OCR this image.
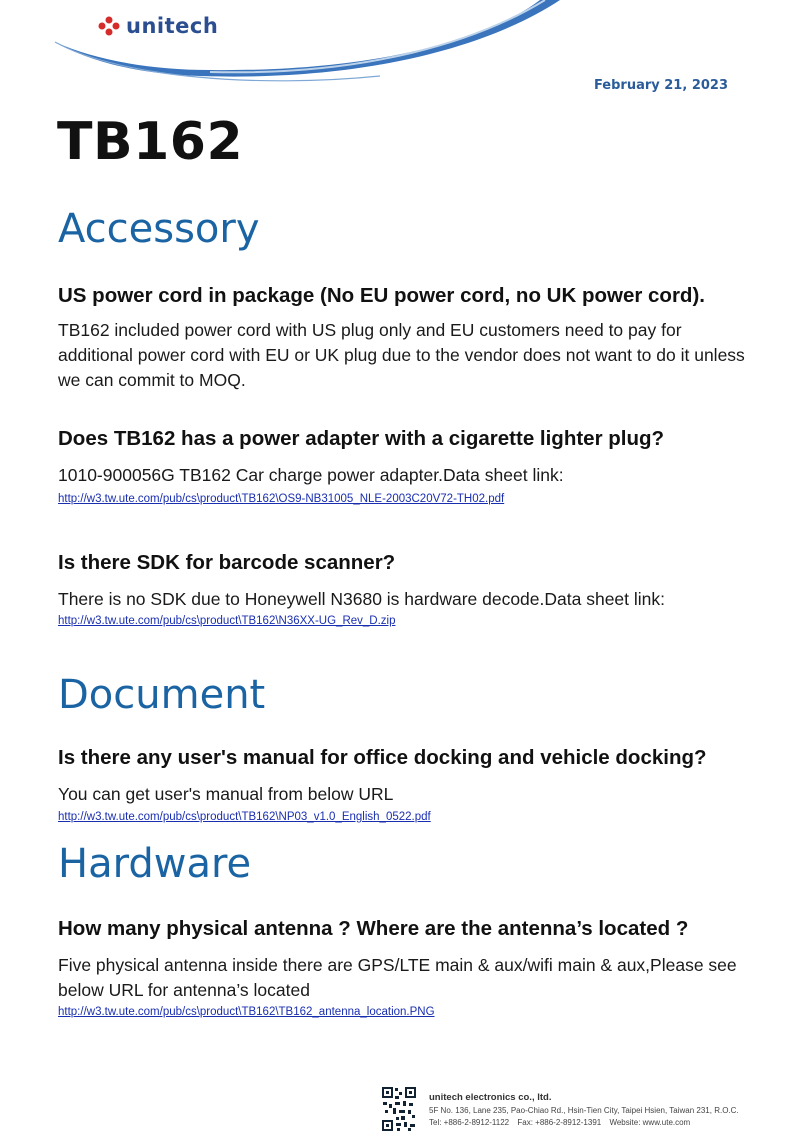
unitech
February 21, 2023
TB162
Accessory
US power cord in package (No EU power cord, no UK power cord).
TB162 included power cord with US plug only and EU customers need to pay for additional power cord with EU or UK plug due to the vendor does not want to do it unless we can commit to MOQ.
Does TB162 has a power adapter with a cigarette lighter plug?
1010-900056G TB162 Car charge power adapter.Data sheet link:
http://w3.tw.ute.com/pub/cs\product\TB162\OS9-NB31005_NLE-2003C20V72-TH02.pdf
Is there SDK for barcode scanner?
There is no SDK due to Honeywell N3680 is hardware decode.Data sheet link:
http://w3.tw.ute.com/pub/cs\product\TB162\N36XX-UG_Rev_D.zip
Document
Is there any user's manual for office docking and vehicle docking?
You can get user's manual from below URL
http://w3.tw.ute.com/pub/cs\product\TB162\NP03_v1.0_English_0522.pdf
Hardware
How many physical antenna ? Where are the antenna’s located ?
Five physical antenna inside there are GPS/LTE main & aux/wifi main & aux,Please see below URL for antenna’s located
http://w3.tw.ute.com/pub/cs\product\TB162\TB162_antenna_location.PNG
unitech electronics co., ltd.
5F No. 136, Lane 235, Pao-Chiao Rd., Hsin-Tien City, Taipei Hsien, Taiwan 231, R.O.C.
Tel: +886-2-8912-1122 Fax: +886-2-8912-1391 Website: www.ute.com
